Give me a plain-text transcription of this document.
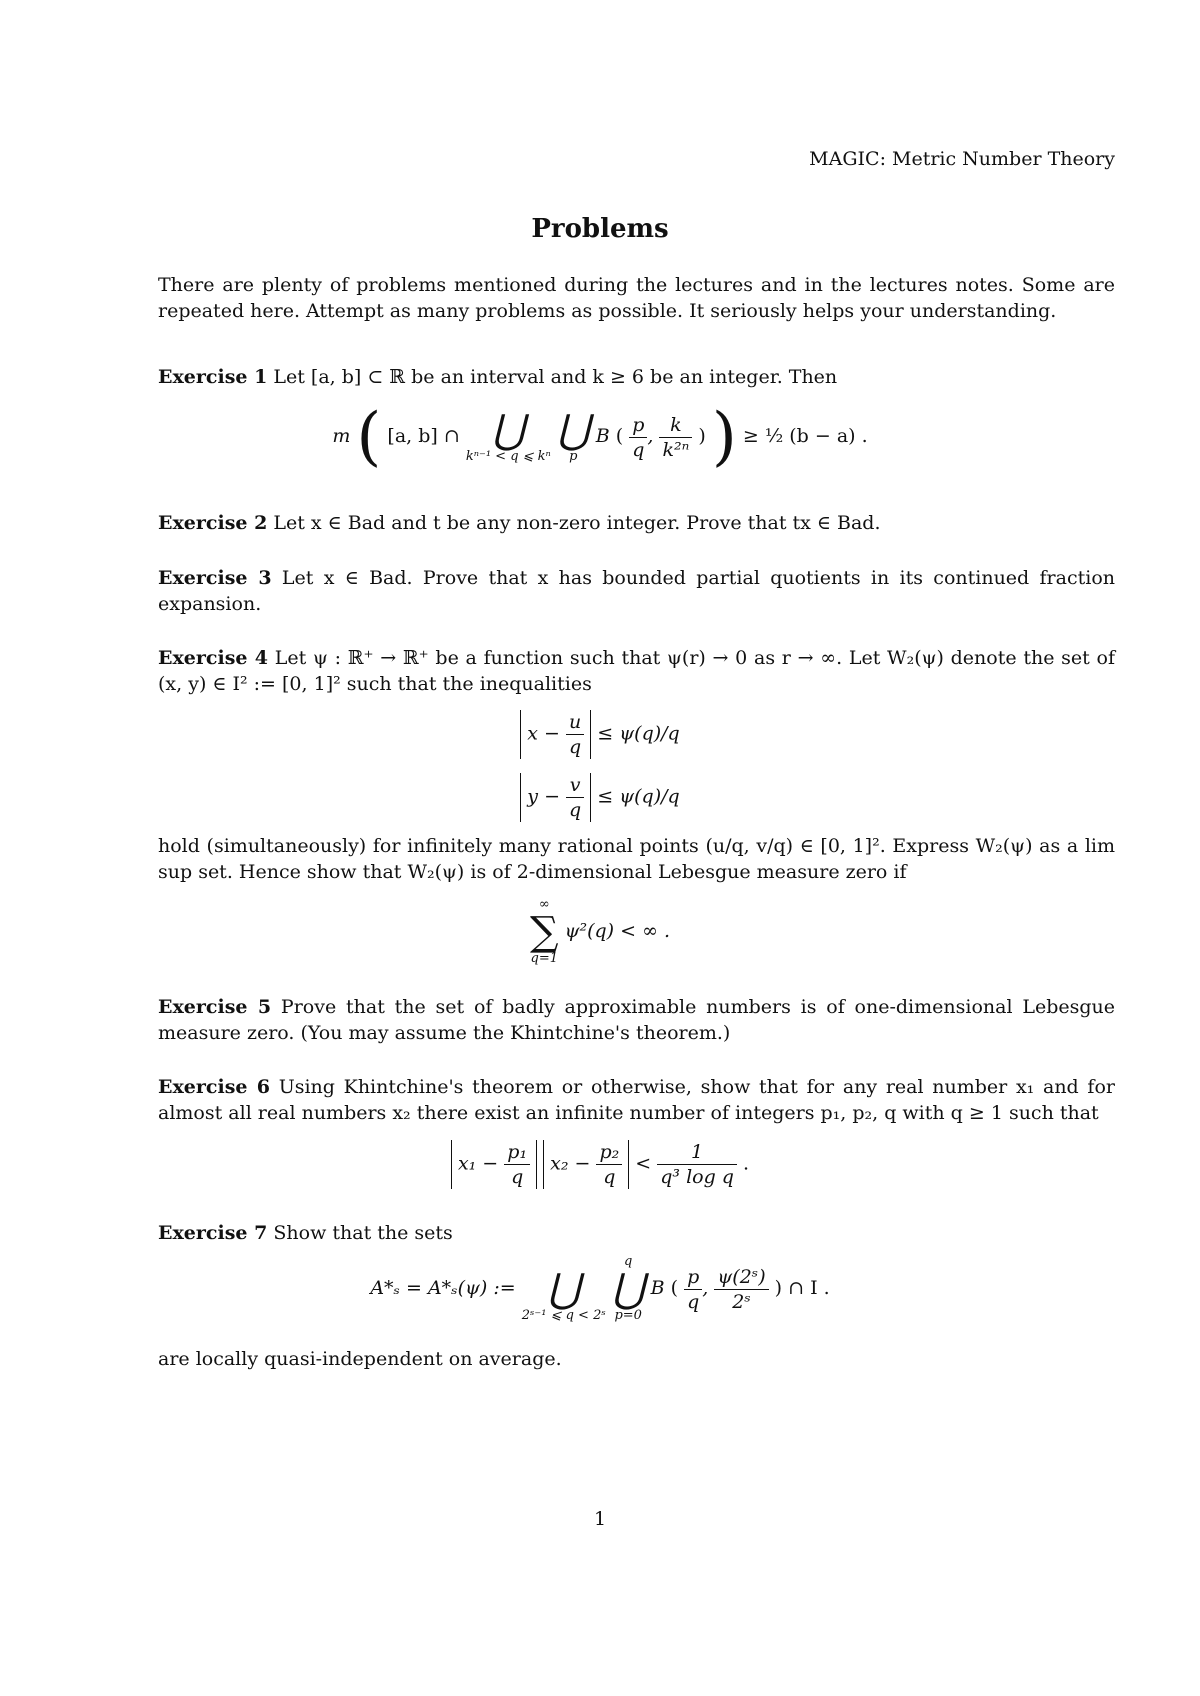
MAGIC: Metric Number Theory
Problems
There are plenty of problems mentioned during the lectures and in the lectures notes. Some are repeated here. Attempt as many problems as possible. It seriously helps your understanding.
Exercise 1 Let [a, b] ⊂ ℝ be an interval and k ≥ 6 be an integer. Then
m ( [a, b] ∩ ⋃
kⁿ⁻¹ < q ⩽ kⁿ

⋃
p
B ( $\frac{p}{q}$ , $\frac{k}{\text{k²ⁿ}}$ ) ) ≥ ½ (b − a) .
Exercise 2 Let x ∈ Bad and t be any non-zero integer. Prove that tx ∈ Bad.
Exercise 3 Let x ∈ Bad. Prove that x has bounded partial quotients in its continued fraction expansion.
Exercise 4 Let ψ : ℝ⁺ → ℝ⁺ be a function such that ψ(r) → 0 as r → ∞. Let W₂(ψ) denote the set of (x, y) ∈ I² := [0, 1]² such that the inequalities
$x - \frac{u}{q} \le \psi(q)/q$
$y - \frac{v}{q} \le \psi(q)/q$
hold (simultaneously) for infinitely many rational points (u/q, v/q) ∈ [0, 1]². Express W₂(ψ) as a lim sup set. Hence show that W₂(ψ) is of 2-dimensional Lebesgue measure zero if
∞
∑
q=1
ψ²(q) < ∞ .
Exercise 5 Prove that the set of badly approximable numbers is of one-dimensional Lebesgue measure zero. (You may assume the Khintchine's theorem.)
Exercise 6 Using Khintchine's theorem or otherwise, show that for any real number x₁ and for almost all real numbers x₂ there exist an infinite number of integers p₁, p₂, q with q ≥ 1 such that
$x_1 - \frac{\text{p₁}}{q} x_2 - \frac{\text{p₂}}{q} < \frac{1}{\text{q³ log q}}$ .
Exercise 7 Show that the sets
A*ₛ = A*ₛ(ψ) :=
⋃
2ˢ⁻¹ ⩽ q < 2ˢ

q
⋃
p=0
B ( $\frac{p}{q}$ , $\frac{\text{ψ(2ˢ)}}{\text{2ˢ}}$ ) ∩ I .
are locally quasi-independent on average.
1
